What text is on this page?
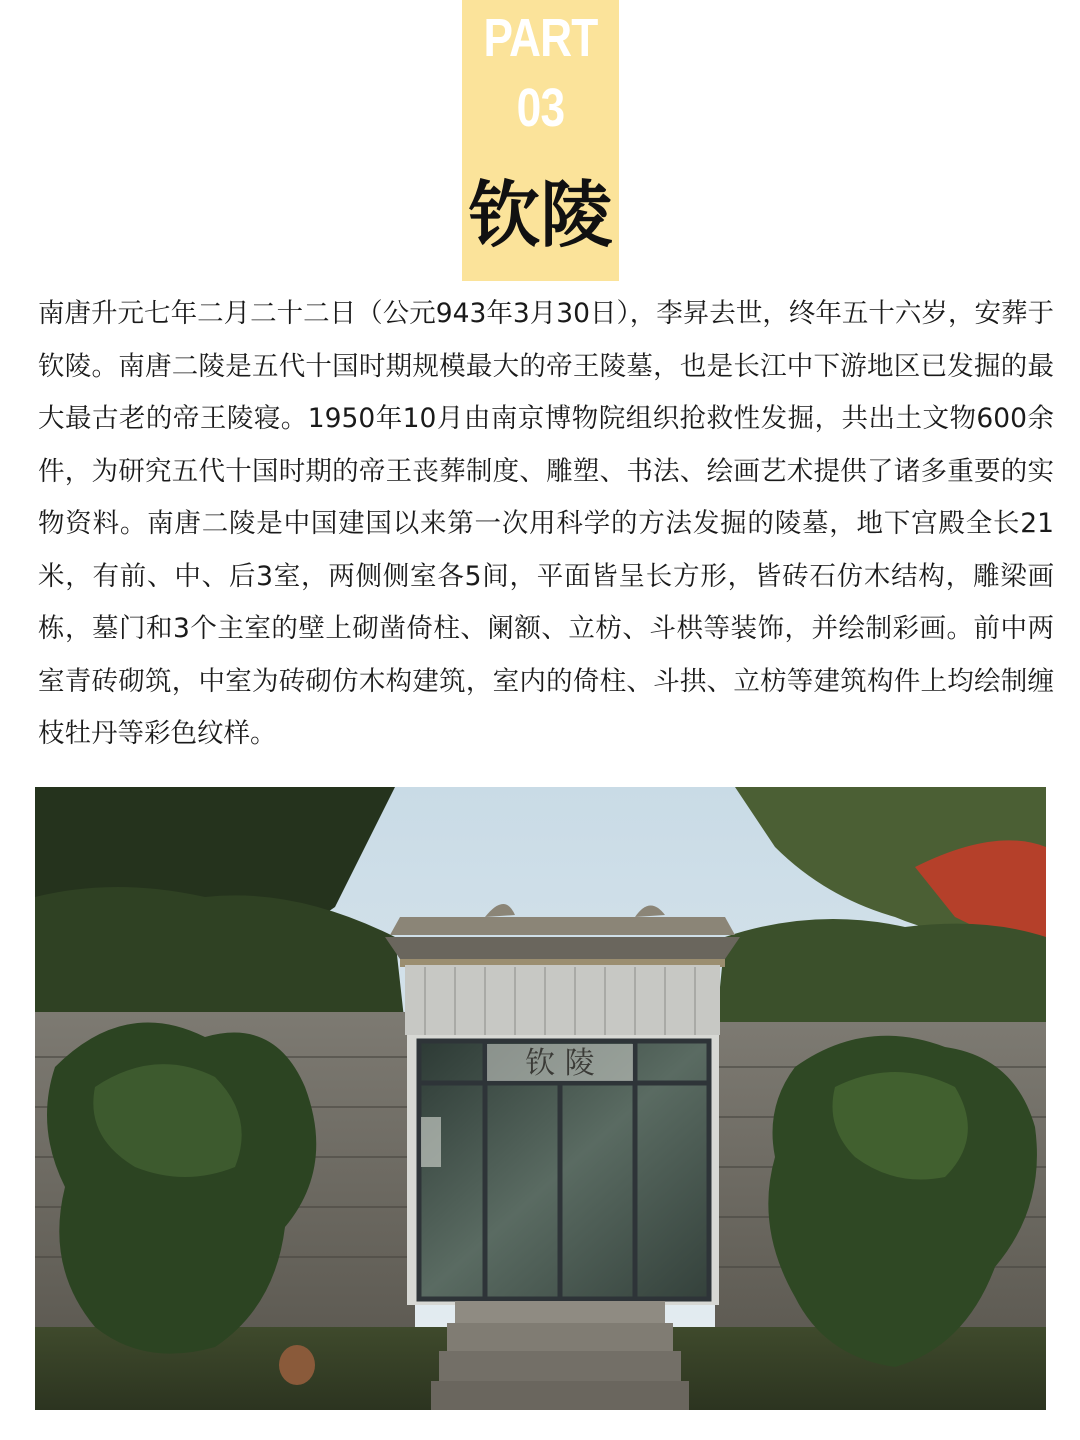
PART
03
钦陵

南唐升元七年二月二十二日（公元943年3月30日），李昇去世，终年五十六岁，安葬于钦陵。南唐二陵是五代十国时期规模最大的帝王陵墓，也是长江中下游地区已发掘的最大最古老的帝王陵寝。1950年10月由南京博物院组织抢救性发掘，共出土文物600余件，为研究五代十国时期的帝王丧葬制度、雕塑、书法、绘画艺术提供了诸多重要的实物资料。南唐二陵是中国建国以来第一次用科学的方法发掘的陵墓，地下宫殿全长21米，有前、中、后3室，两侧侧室各5间，平面皆呈长方形，皆砖石仿木结构，雕梁画栋，墓门和3个主室的壁上砌凿倚柱、阑额、立枋、斗栱等装饰，并绘制彩画。前中两室青砖砌筑，中室为砖砌仿木构建筑，室内的倚柱、斗拱、立枋等建筑构件上均绘制缠枝牡丹等彩色纹样。

钦 陵
